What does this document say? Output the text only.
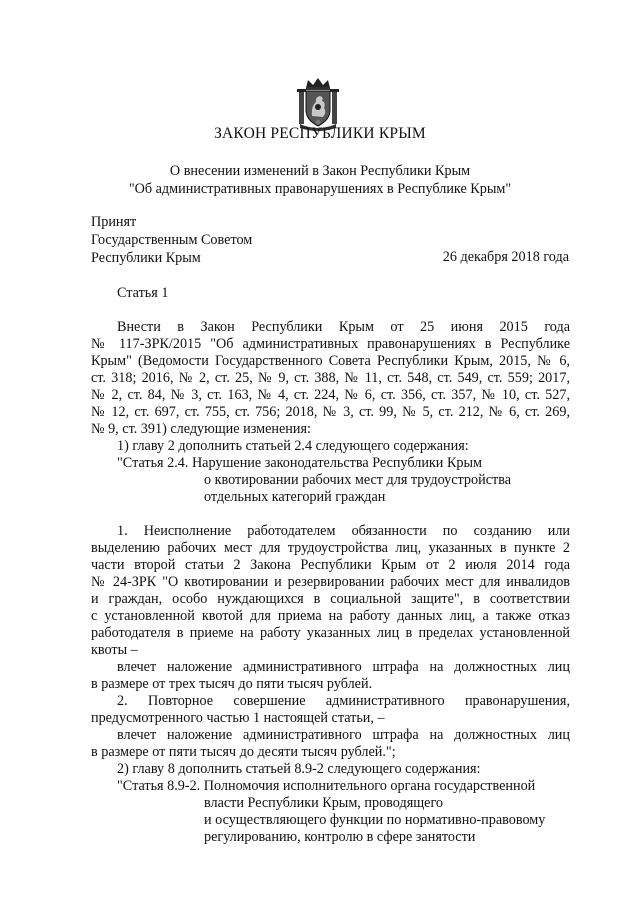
ЗАКОН РЕСПУБЛИКИ КРЫМ
О внесении изменений в Закон Республики Крым
"Об административных правонарушениях в Республике Крым"
Принят
Государственным Советом
Республики Крым	26 декабря 2018 года
Статья 1
Внести в Закон Республики Крым от 25 июня 2015 года
№ 117-ЗРК/2015 "Об административных правонарушениях в Республике
Крым" (Ведомости Государственного Совета Республики Крым, 2015, № 6,
ст. 318; 2016, № 2, ст. 25, № 9, ст. 388, № 11, ст. 548, ст. 549, ст. 559; 2017,
№ 2, ст. 84, № 3, ст. 163, № 4, ст. 224, № 6, ст. 356, ст. 357, № 10, ст. 527,
№ 12, ст. 697, ст. 755, ст. 756; 2018, № 3, ст. 99, № 5, ст. 212, № 6, ст. 269,
№ 9, ст. 391) следующие изменения:
1) главу 2 дополнить статьей 2.4 следующего содержания:
"Статья 2.4. Нарушение законодательства Республики Крым
о квотировании рабочих мест для трудоустройства
отдельных категорий граждан

1. Неисполнение работодателем обязанности по созданию или
выделению рабочих мест для трудоустройства лиц, указанных в пункте 2
части второй статьи 2 Закона Республики Крым от 2 июля 2014 года
№ 24-ЗРК "О квотировании и резервировании рабочих мест для инвалидов
и граждан, особо нуждающихся в социальной защите", в соответствии
с установленной квотой для приема на работу данных лиц, а также отказ
работодателя в приеме на работу указанных лиц в пределах установленной
квоты –
влечет наложение административного штрафа на должностных лиц
в размере от трех тысяч до пяти тысяч рублей.
2. Повторное совершение административного правонарушения,
предусмотренного частью 1 настоящей статьи, –
влечет наложение административного штрафа на должностных лиц
в размере от пяти тысяч до десяти тысяч рублей.";
2) главу 8 дополнить статьей 8.9-2 следующего содержания:
"Статья 8.9-2. Полномочия исполнительного органа государственной
власти Республики Крым, проводящего
и осуществляющего функции по нормативно-правовому
регулированию, контролю в сфере занятости
